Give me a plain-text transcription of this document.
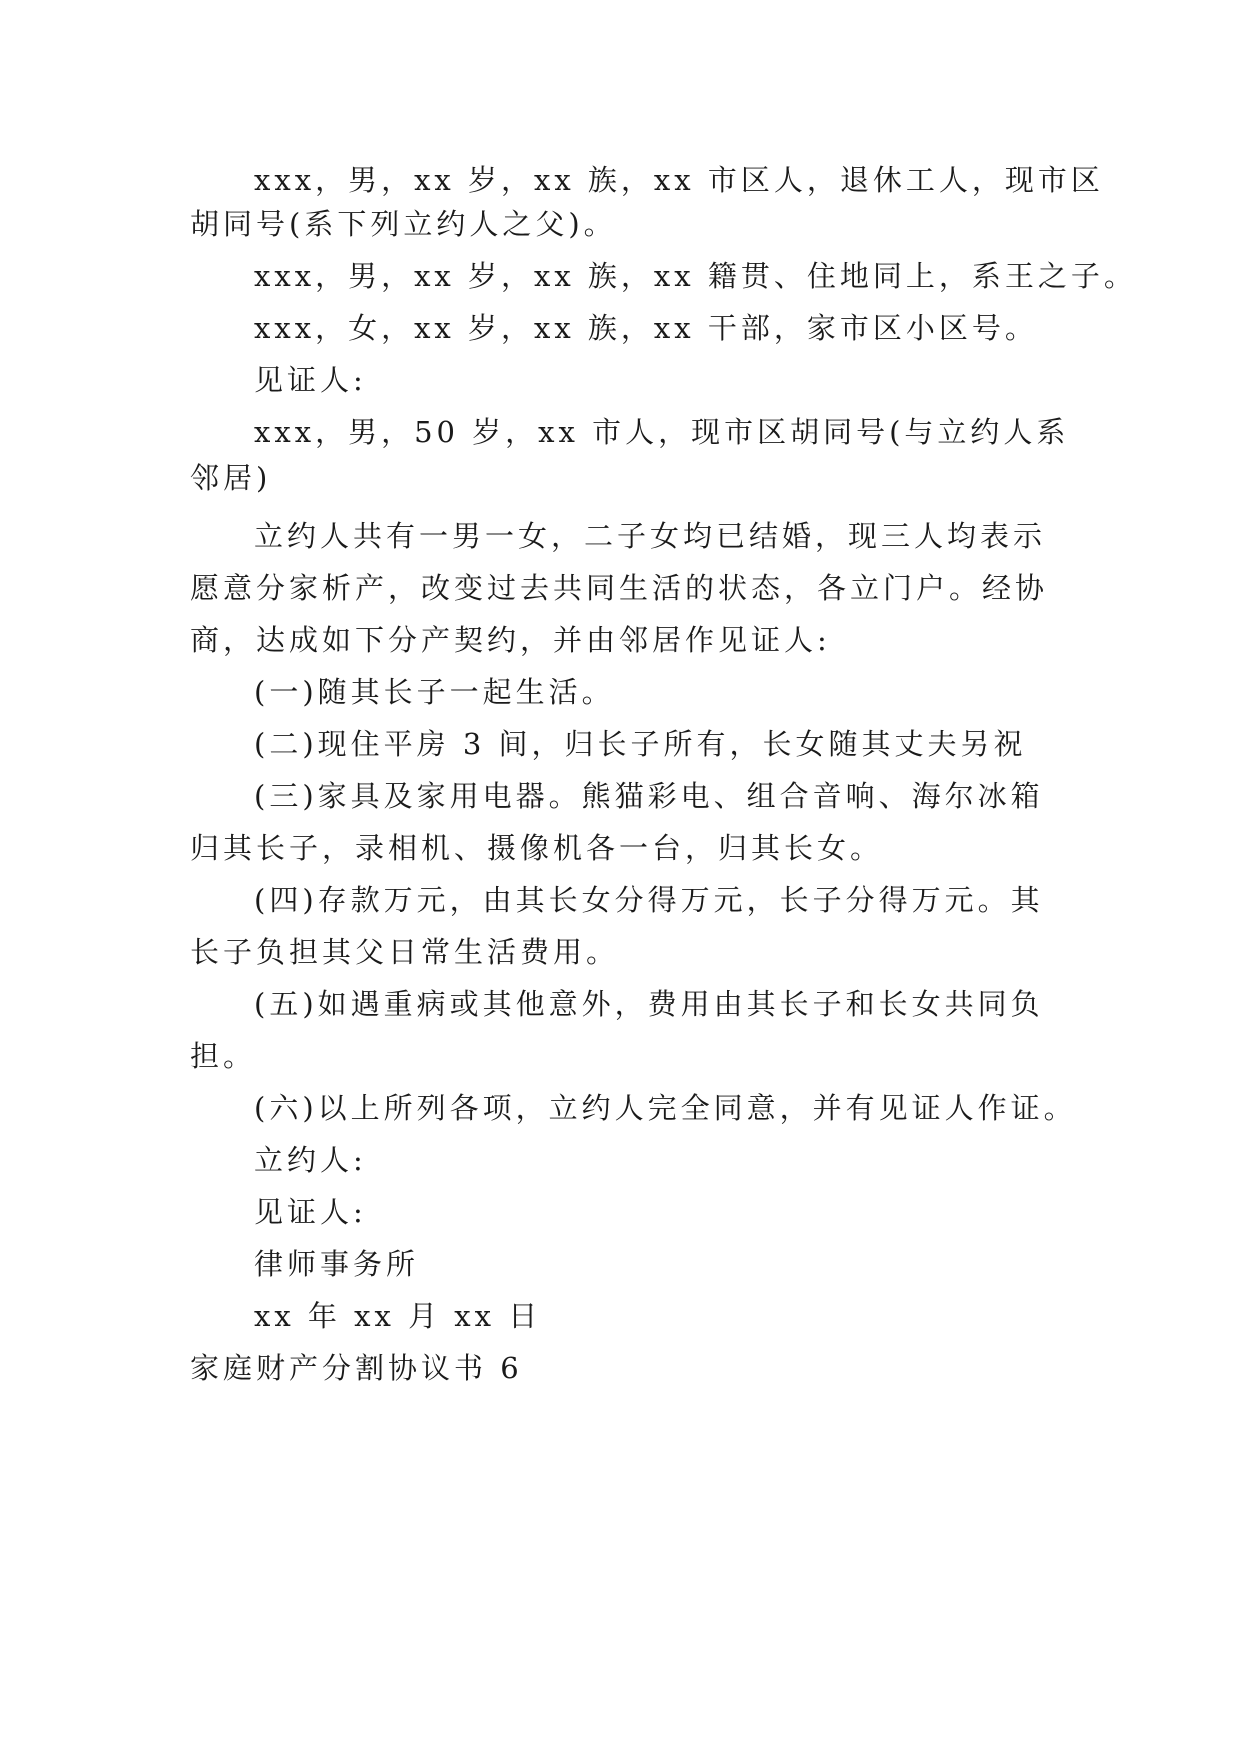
xxx，男，xx 岁，xx 族，xx 市区人，退休工人，现市区
胡同号(系下列立约人之父)。
xxx，男，xx 岁，xx 族，xx 籍贯、住地同上，系王之子。
xxx，女，xx 岁，xx 族，xx 干部，家市区小区号。
见证人:
xxx，男，50 岁，xx 市人，现市区胡同号(与立约人系
邻居)
立约人共有一男一女，二子女均已结婚，现三人均表示
愿意分家析产，改变过去共同生活的状态，各立门户。经协
商，达成如下分产契约，并由邻居作见证人:
(一)随其长子一起生活。
(二)现住平房 3 间，归长子所有，长女随其丈夫另祝
(三)家具及家用电器。熊猫彩电、组合音响、海尔冰箱
归其长子，录相机、摄像机各一台，归其长女。
(四)存款万元，由其长女分得万元，长子分得万元。其
长子负担其父日常生活费用。
(五)如遇重病或其他意外，费用由其长子和长女共同负
担。
(六)以上所列各项，立约人完全同意，并有见证人作证。
立约人:
见证人:
律师事务所
xx 年 xx 月 xx 日
家庭财产分割协议书 6
